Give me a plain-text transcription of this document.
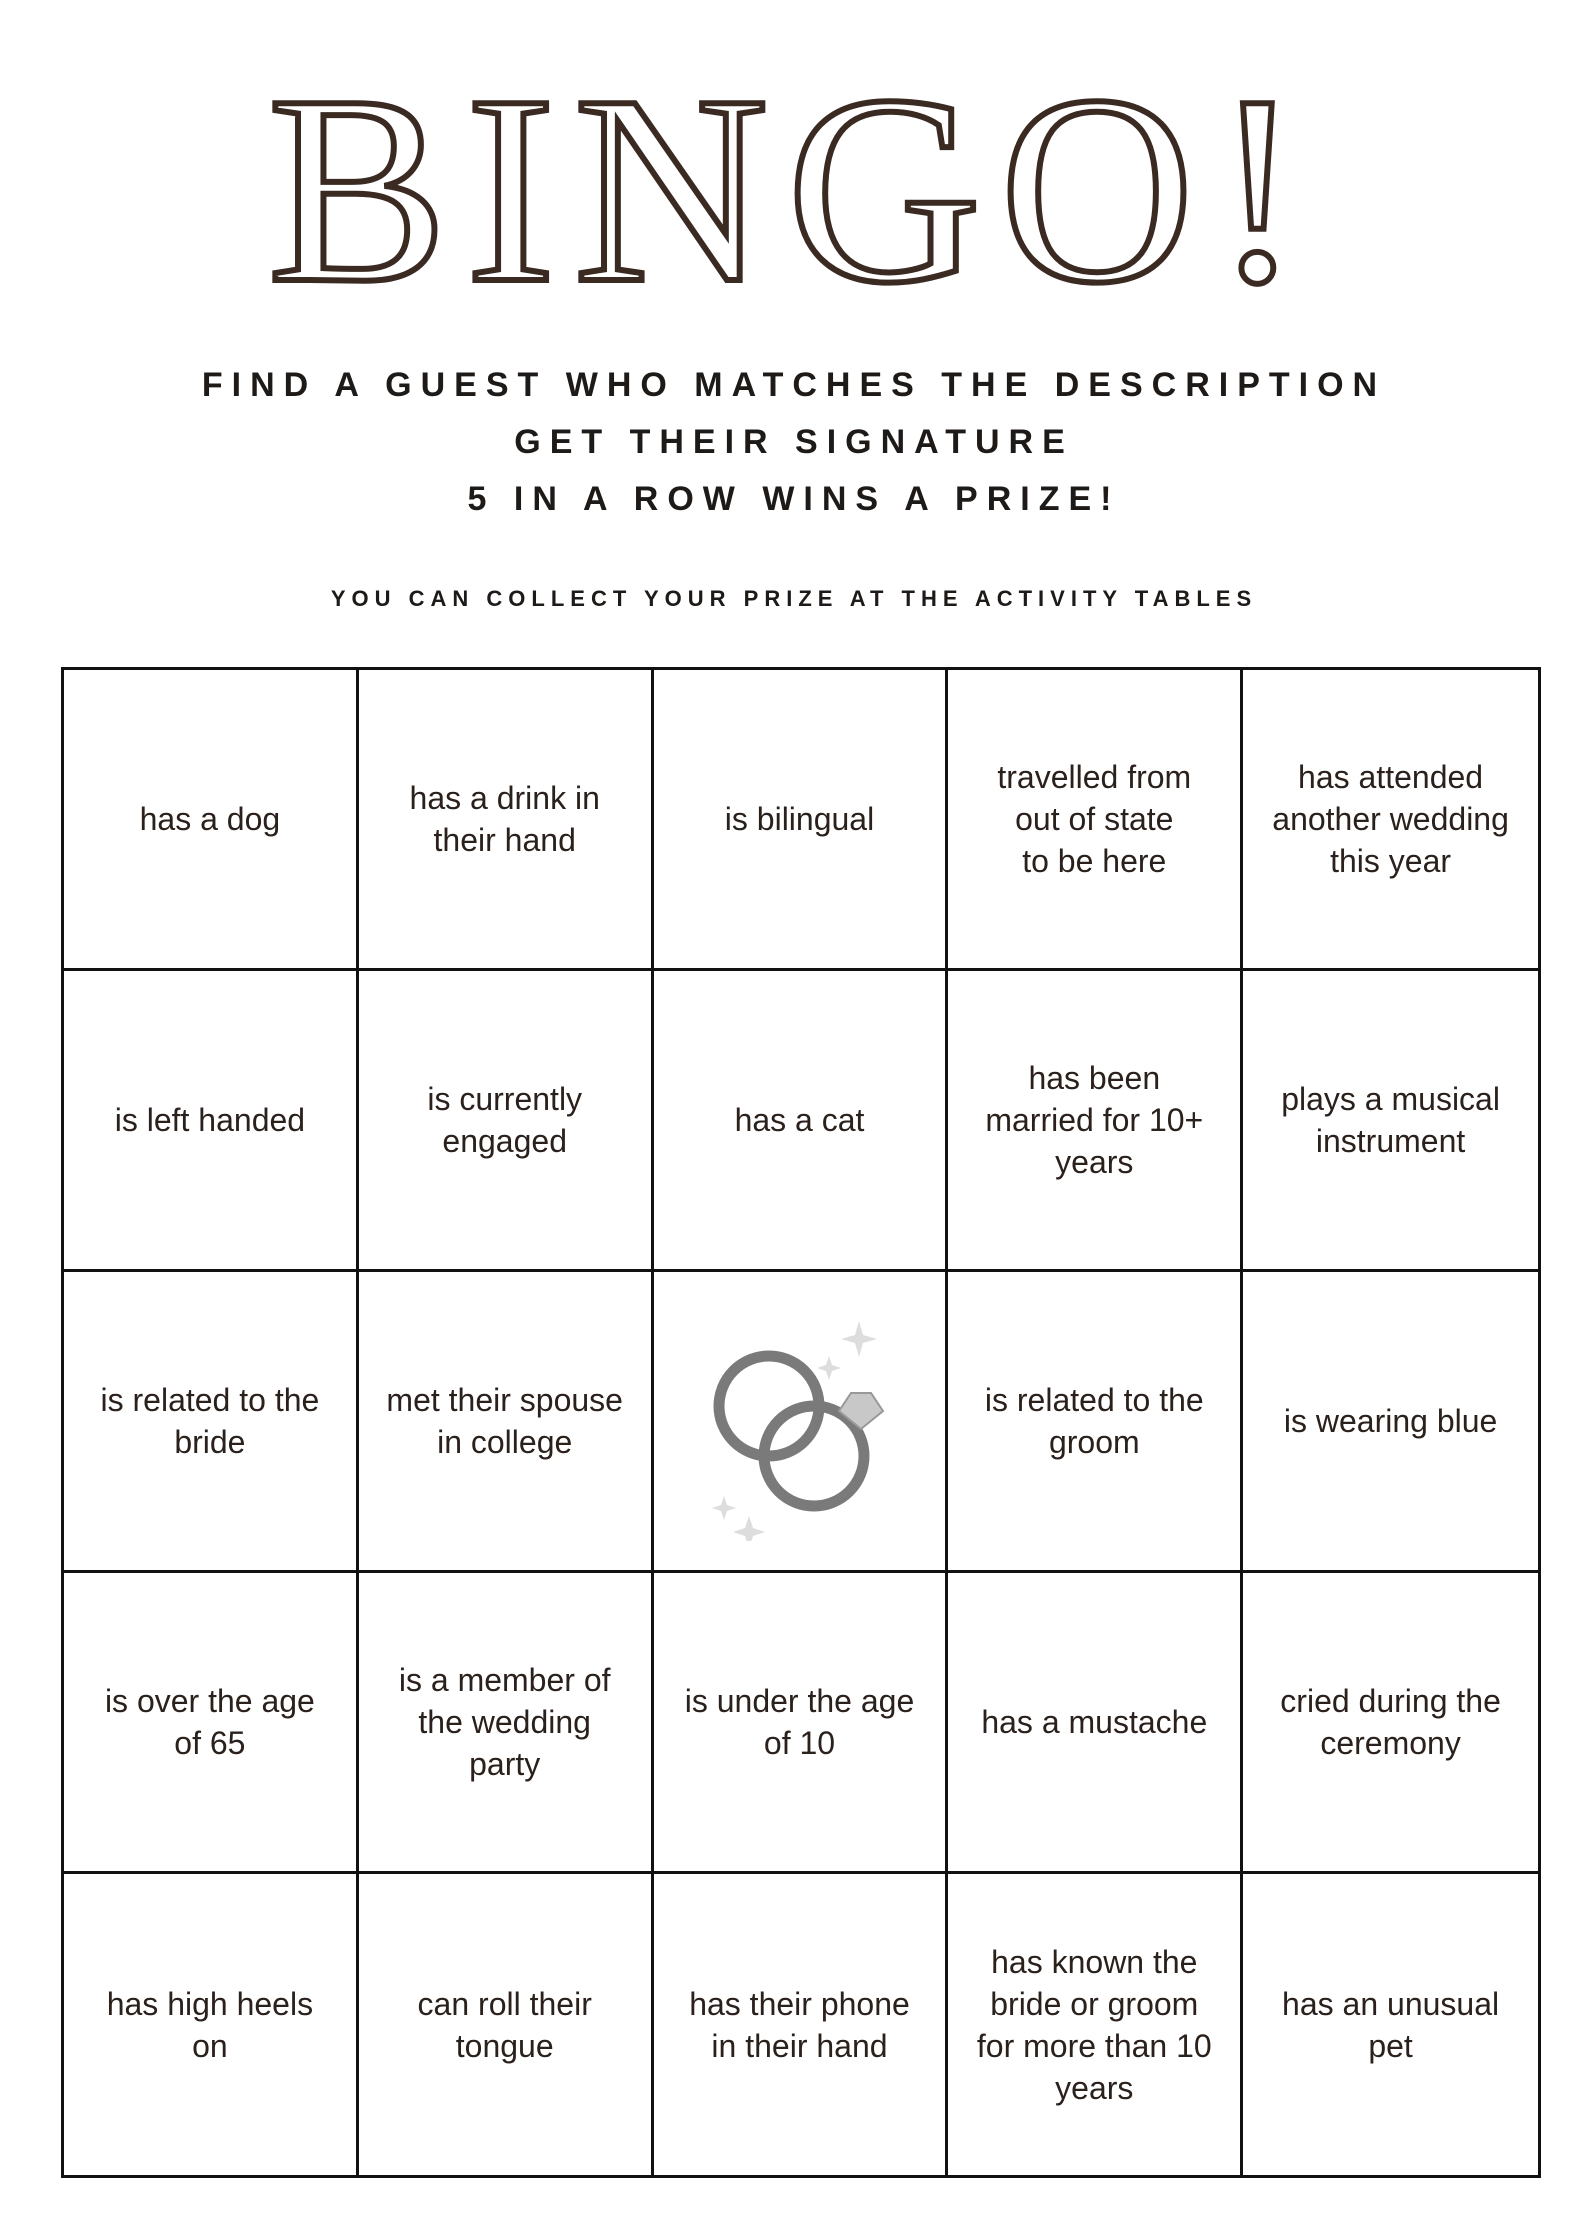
BINGO!
FIND A GUEST WHO MATCHES THE DESCRIPTION
GET THEIR SIGNATURE
5 IN A ROW WINS A PRIZE!
YOU CAN COLLECT YOUR PRIZE AT THE ACTIVITY TABLES
has a dog
has a drink in
their hand
is bilingual
travelled from
out of state
to be here
has attended
another wedding
this year
is left handed
is currently
engaged
has a cat
has been
married for 10+
years
plays a musical
instrument
is related to the
bride
met their spouse
in college
is related to the
groom
is wearing blue
is over the age
of 65
is a member of
the wedding
party
is under the age
of 10
has a mustache
cried during the
ceremony
has high heels
on
can roll their
tongue
has their phone
in their hand
has known the
bride or groom
for more than 10
years
has an unusual
pet
